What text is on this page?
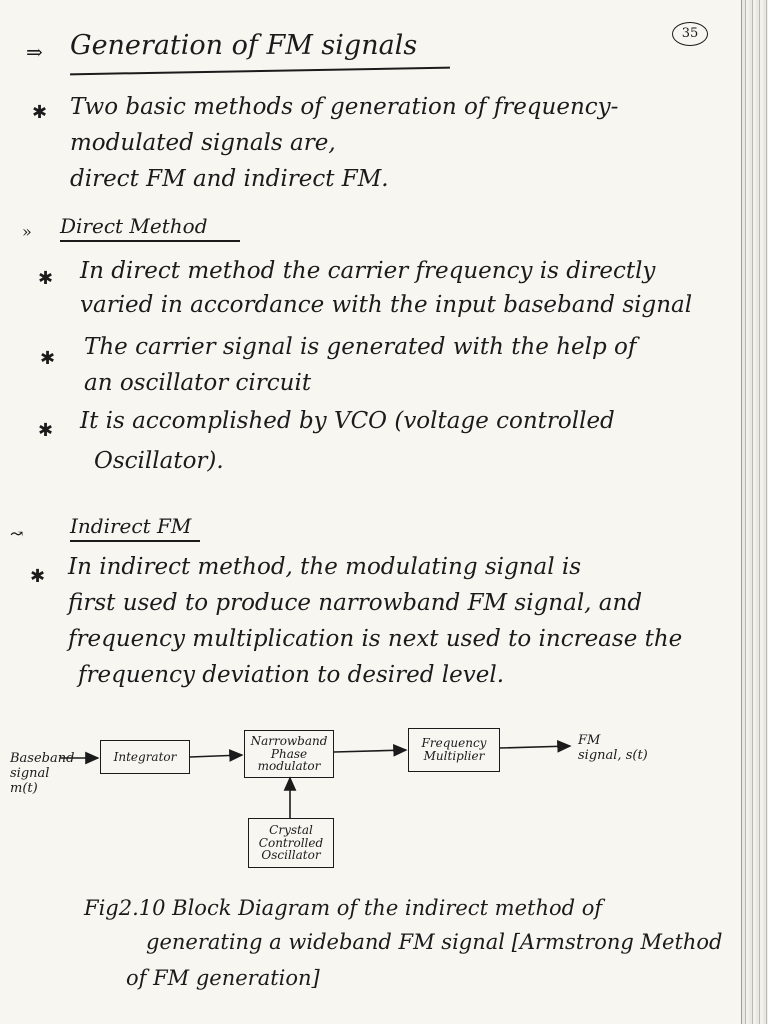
35
⇒ Generation of FM signals
✱ Two basic methods of generation of frequency-
modulated signals are,
direct FM and indirect FM.
» Direct Method
✱ In direct method the carrier frequency is directly
varied in accordance with the input baseband signal
✱ The carrier signal is generated with the help of
an oscillator circuit
✱ It is accomplished by VCO (voltage controlled
Oscillator).
↝ Indirect FM
✱ In indirect method, the modulating signal is
first used to produce narrowband FM signal, and
frequency multiplication is next used to increase the
frequency deviation to desired level.
Baseband
signal
m(t)
Integrator
Narrowband
Phase
modulator
Frequency
Multiplier
FM
signal, s(t)
Crystal
Controlled
Oscillator
Fig2.10 Block Diagram of the indirect method of
generating a wideband FM signal [Armstrong Method
of FM generation]
